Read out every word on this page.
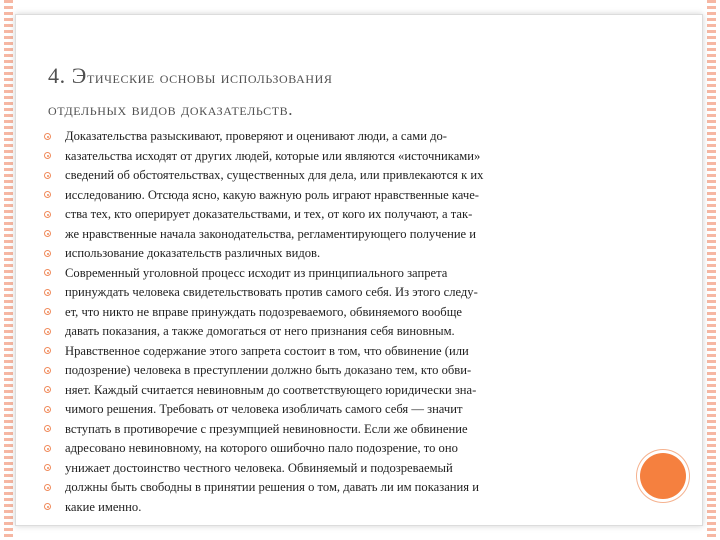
4. Этические основы использования
отдельных видов доказательств.
Доказательства разыскивают, проверяют и оценивают люди, а сами до-
казательства исходят от других людей, которые или являются «источниками»
сведений об обстоятельствах, существенных для дела, или привлекаются к их
исследованию. Отсюда ясно, какую важную роль играют нравственные каче-
ства тех, кто оперирует доказательствами, и тех, от кого их получают, а так-
же нравственные начала законодательства, регламентирующего получение и
использование доказательств различных видов.
Современный уголовной процесс исходит из принципиального запрета
принуждать человека свидетельствовать против самого себя. Из этого следу-
ет, что никто не вправе принуждать подозреваемого, обвиняемого вообще
давать показания, а также домогаться от него признания себя виновным.
Нравственное содержание этого запрета состоит в том, что обвинение (или
подозрение) человека в преступлении должно быть доказано тем, кто обви-
няет. Каждый считается невиновным до соответствующего юридически зна-
чимого решения. Требовать от человека изобличать самого себя — значит
вступать в противоречие с презумпцией невиновности. Если же обвинение
адресовано невиновному, на которого ошибочно пало подозрение, то оно
унижает достоинство честного человека. Обвиняемый и подозреваемый
должны быть свободны в принятии решения о том, давать ли им показания и
какие именно.
